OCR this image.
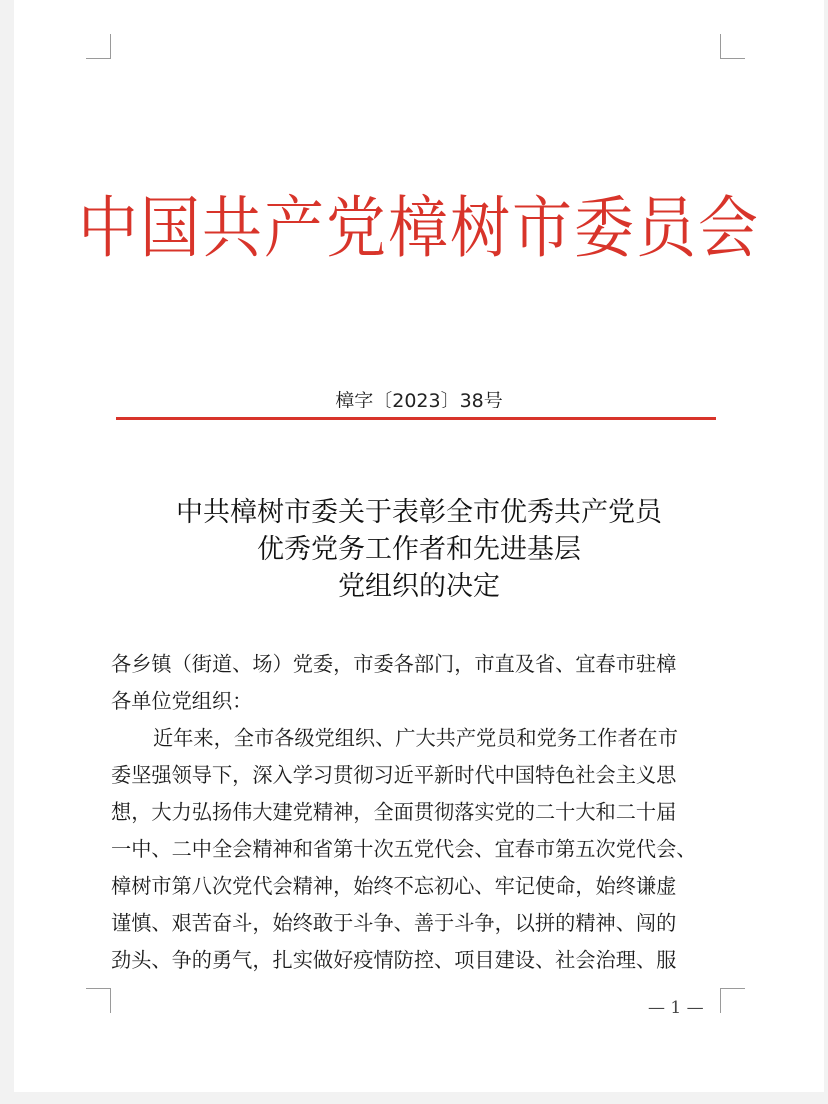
中国共产党樟树市委员会
樟字〔2023〕38号
中共樟树市委关于表彰全市优秀共产党员
优秀党务工作者和先进基层
党组织的决定
各乡镇（街道、场）党委，市委各部门，市直及省、宜春市驻樟
各单位党组织：
近年来，全市各级党组织、广大共产党员和党务工作者在市
委坚强领导下，深入学习贯彻习近平新时代中国特色社会主义思
想，大力弘扬伟大建党精神，全面贯彻落实党的二十大和二十届
一中、二中全会精神和省第十次五党代会、宜春市第五次党代会、
樟树市第八次党代会精神，始终不忘初心、牢记使命，始终谦虚
谨慎、艰苦奋斗，始终敢于斗争、善于斗争，以拼的精神、闯的
劲头、争的勇气，扎实做好疫情防控、项目建设、社会治理、服
— 1 —
